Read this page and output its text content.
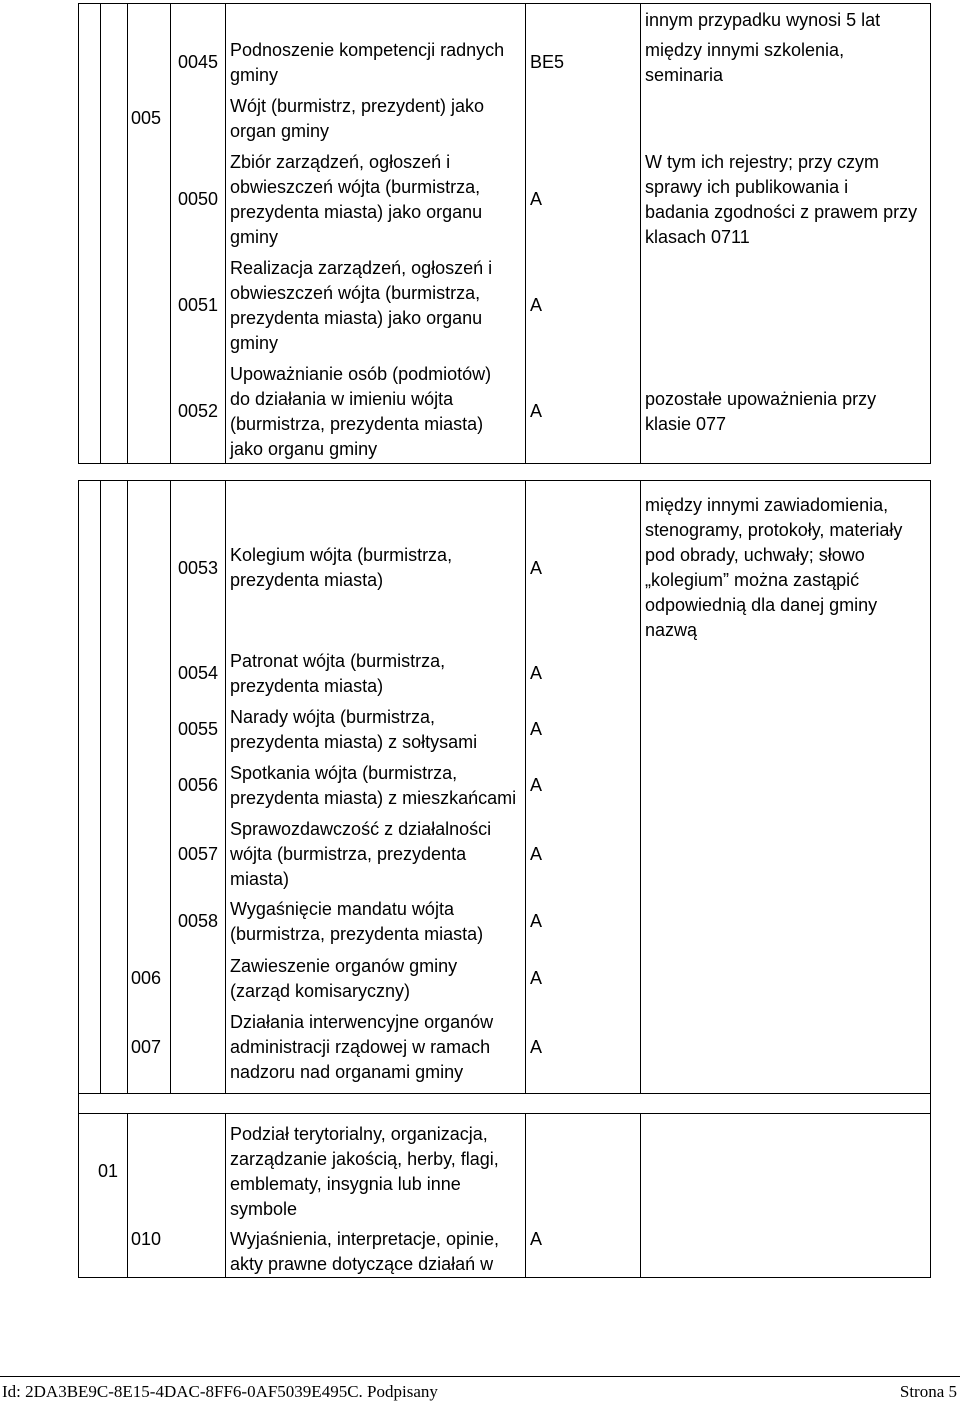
innym przypadku wynosi 5 lat
0045
Podnoszenie kompetencji radnych
gminy
BE5
między innymi szkolenia,
seminaria
005
Wójt (burmistrz, prezydent) jako
organ gminy
0050
Zbiór zarządzeń, ogłoszeń i
obwieszczeń wójta (burmistrza,
prezydenta miasta) jako organu
gminy
A
W tym ich rejestry; przy czym
sprawy ich publikowania i
badania zgodności z prawem przy
klasach 0711
0051
Realizacja zarządzeń, ogłoszeń i
obwieszczeń wójta (burmistrza,
prezydenta miasta) jako organu
gminy
A
0052
Upoważnianie osób (podmiotów)
do działania w imieniu wójta
(burmistrza, prezydenta miasta)
jako organu gminy
A
pozostałe upoważnienia przy
klasie 077
0053
Kolegium wójta (burmistrza,
prezydenta miasta)
A
między innymi zawiadomienia,
stenogramy, protokoły, materiały
pod obrady, uchwały; słowo
„kolegium” można zastąpić
odpowiednią dla danej gminy
nazwą
0054
Patronat wójta (burmistrza,
prezydenta miasta)
A
0055
Narady wójta (burmistrza,
prezydenta miasta) z sołtysami
A
0056
Spotkania wójta (burmistrza,
prezydenta miasta) z mieszkańcami
A
0057
Sprawozdawczość z działalności
wójta (burmistrza, prezydenta
miasta)
A
0058
Wygaśnięcie mandatu wójta
(burmistrza, prezydenta miasta)
A
006
Zawieszenie organów gminy
(zarząd komisaryczny)
A
007
Działania interwencyjne organów
administracji rządowej w ramach
nadzoru nad organami gminy
A
01
Podział terytorialny, organizacja,
zarządzanie jakością, herby, flagi,
emblematy, insygnia lub inne
symbole
010	Wyjaśnienia, interpretacje, opinie,
akty prawne dotyczące działań w
A
Id: 2DA3BE9C-8E15-4DAC-8FF6-0AF5039E495C. Podpisany	Strona 5
